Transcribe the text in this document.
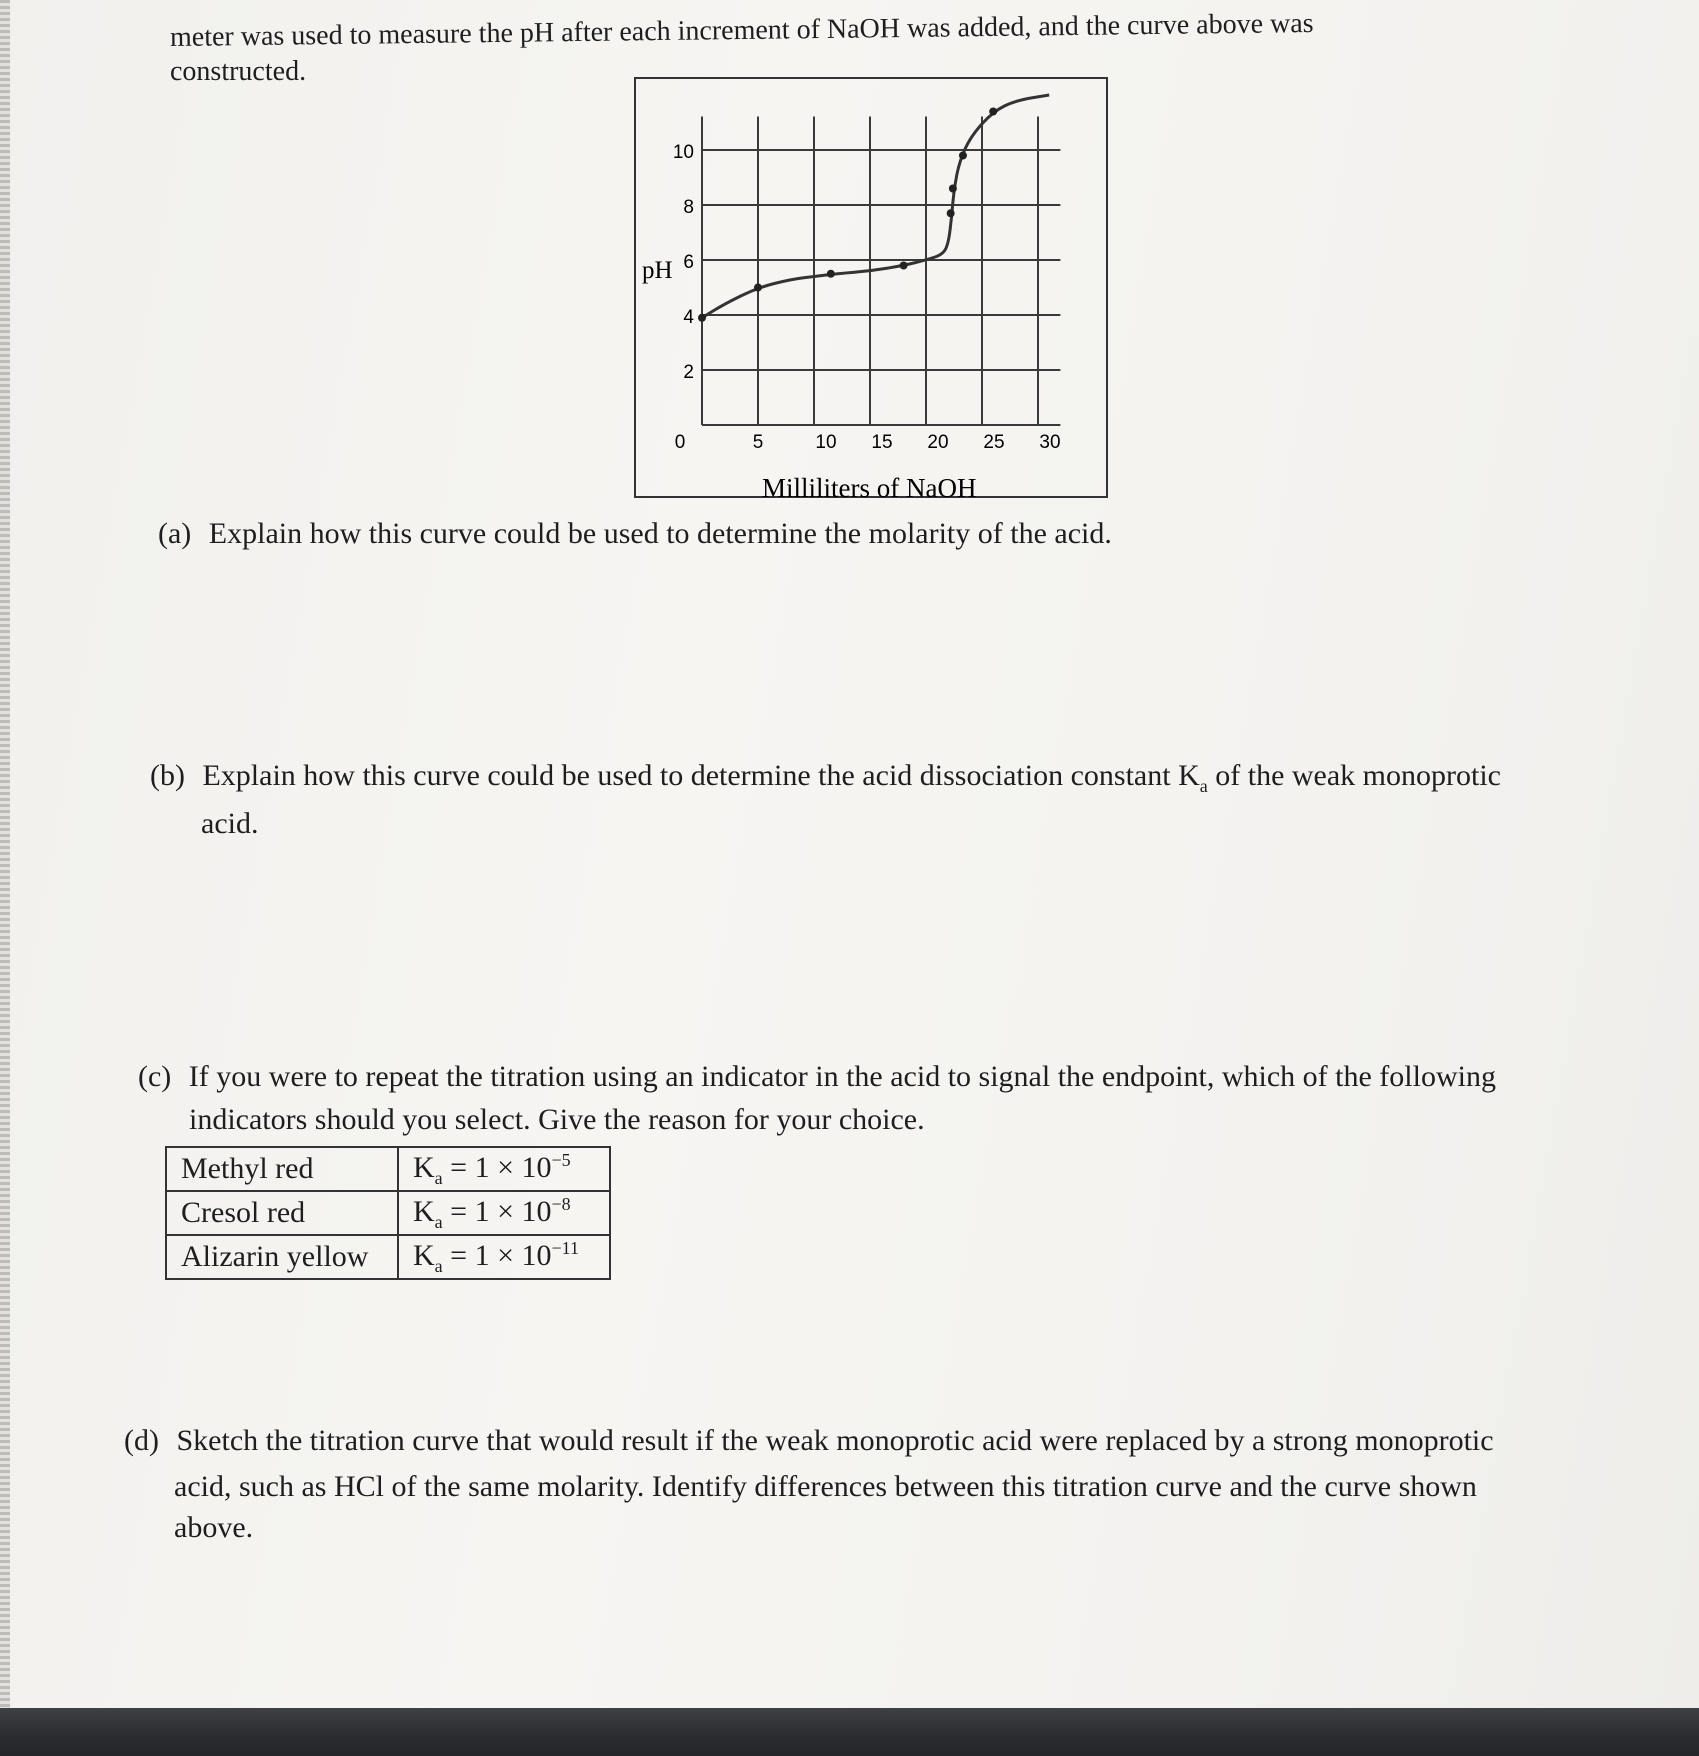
meter was used to measure the pH after each increment of NaOH was added, and the curve above was
constructed.
2
4
6
8
10
0	5	10 15 20 25 30
pH
Milliliters of NaOH
(a) Explain how this curve could be used to determine the molarity of the acid.
(b) Explain how this curve could be used to determine the acid dissociation constant $K_a$ of the weak monoprotic
acid.
(c) If you were to repeat the titration using an indicator in the acid to signal the endpoint, which of the following
indicators should you select. Give the reason for your choice.
Methyl red	$K_a = 1 \times 10^{-5}$
Cresol red	$K_a = 1 \times 10^{-8}$
Alizarin yellow	$K_a = 1 \times 10^{-11}$
(d) Sketch the titration curve that would result if the weak monoprotic acid were replaced by a strong monoprotic
acid, such as HCl of the same molarity. Identify differences between this titration curve and the curve shown
above.
